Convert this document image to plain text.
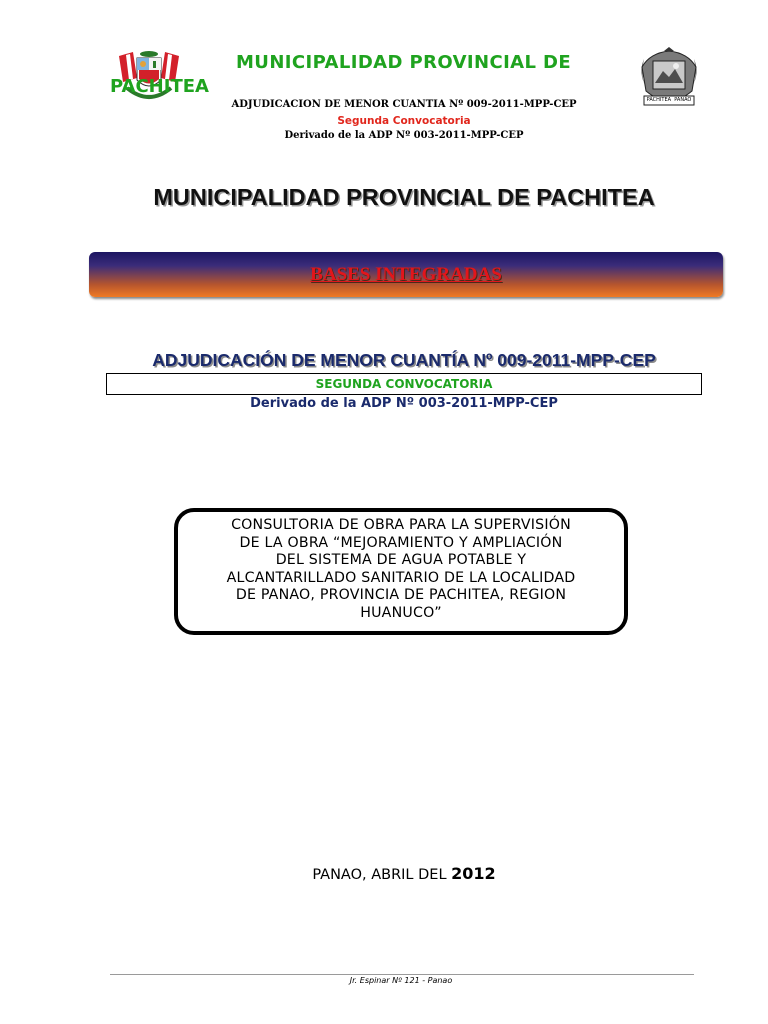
MUNICIPALIDAD PROVINCIAL DE
PACHITEA
ADJUDICACION DE MENOR CUANTIA Nº 009-2011-MPP-CEP
Segunda Convocatoria
Derivado de la ADP Nº 003-2011-MPP-CEP
PACHITEA  PANAO
MUNICIPALIDAD PROVINCIAL DE PACHITEA
BASES INTEGRADAS
ADJUDICACIÓN DE MENOR CUANTÍA Nº 009-2011-MPP-CEP
SEGUNDA CONVOCATORIA
Derivado de la ADP Nº 003-2011-MPP-CEP
CONSULTORIA DE OBRA PARA LA SUPERVISIÓN
DE LA OBRA “MEJORAMIENTO Y AMPLIACIÓN
DEL SISTEMA DE AGUA POTABLE Y
ALCANTARILLADO SANITARIO DE LA LOCALIDAD
DE PANAO, PROVINCIA DE PACHITEA, REGION
HUANUCO”
PANAO, ABRIL DEL 2012
Jr. Espinar Nº 121 - Panao
